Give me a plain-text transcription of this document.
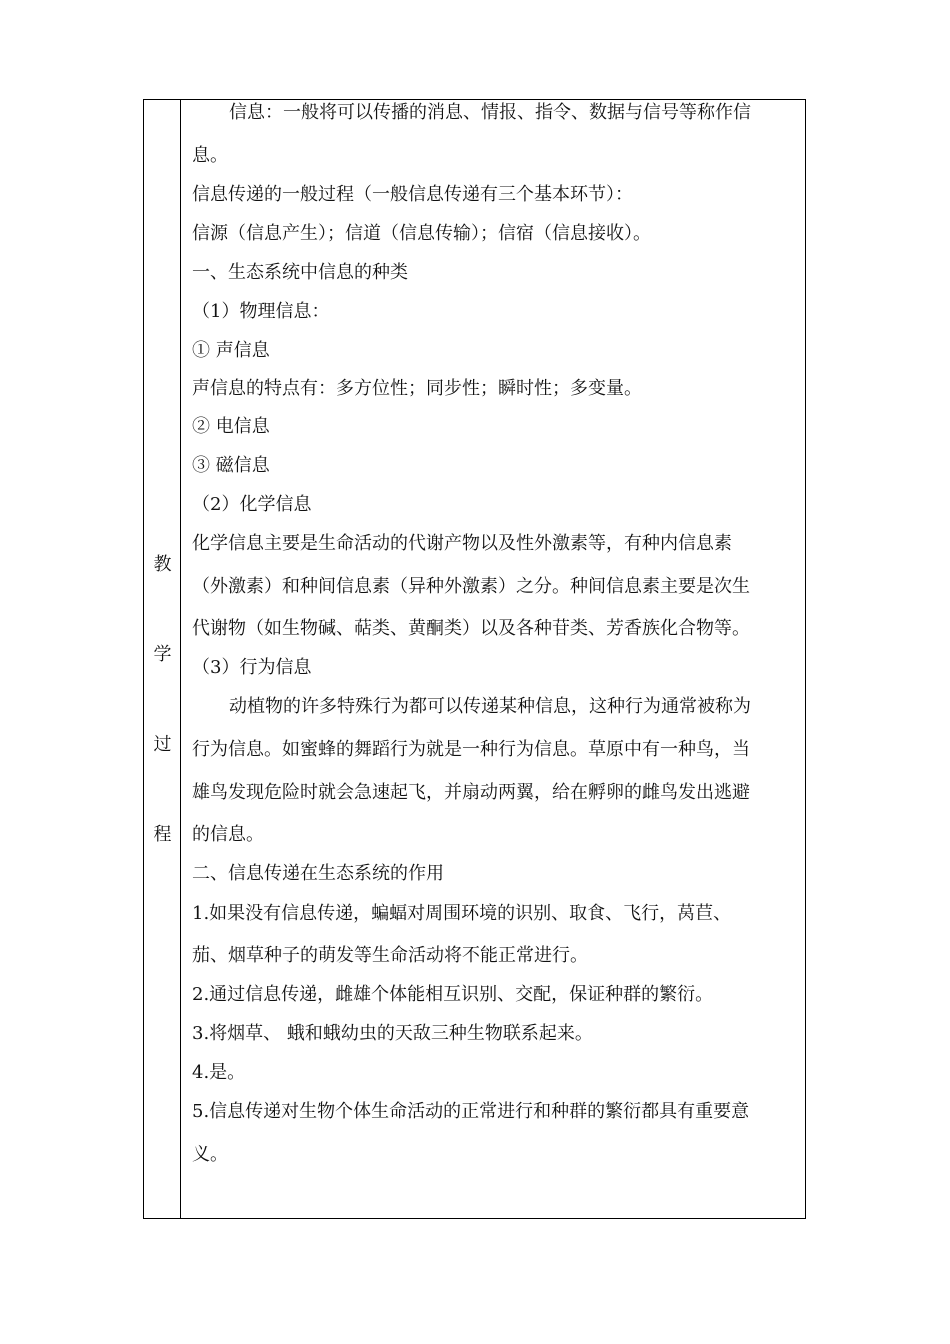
教
学
过
程
信息：一般将可以传播的消息、情报、指令、数据与信号等称作信
息。
信息传递的一般过程（一般信息传递有三个基本环节）：
信源（信息产生）；信道（信息传输）；信宿（信息接收）。
一、生态系统中信息的种类
（1）物理信息：
① 声信息
声信息的特点有：多方位性；同步性；瞬时性；多变量。
② 电信息
③ 磁信息
（2）化学信息
化学信息主要是生命活动的代谢产物以及性外激素等，有种内信息素
（外激素）和种间信息素（异种外激素）之分。种间信息素主要是次生
代谢物（如生物碱、萜类、黄酮类）以及各种苷类、芳香族化合物等。
（3）行为信息
动植物的许多特殊行为都可以传递某种信息，这种行为通常被称为
行为信息。如蜜蜂的舞蹈行为就是一种行为信息。草原中有一种鸟，当
雄鸟发现危险时就会急速起飞，并扇动两翼，给在孵卵的雌鸟发出逃避
的信息。
二、信息传递在生态系统的作用
1.如果没有信息传递，蝙蝠对周围环境的识别、取食、飞行，莴苣、
茄、烟草种子的萌发等生命活动将不能正常进行。
2.通过信息传递，雌雄个体能相互识别、交配，保证种群的繁衍。
3.将烟草、 蛾和蛾幼虫的天敌三种生物联系起来。
4.是。
5.信息传递对生物个体生命活动的正常进行和种群的繁衍都具有重要意
义。
